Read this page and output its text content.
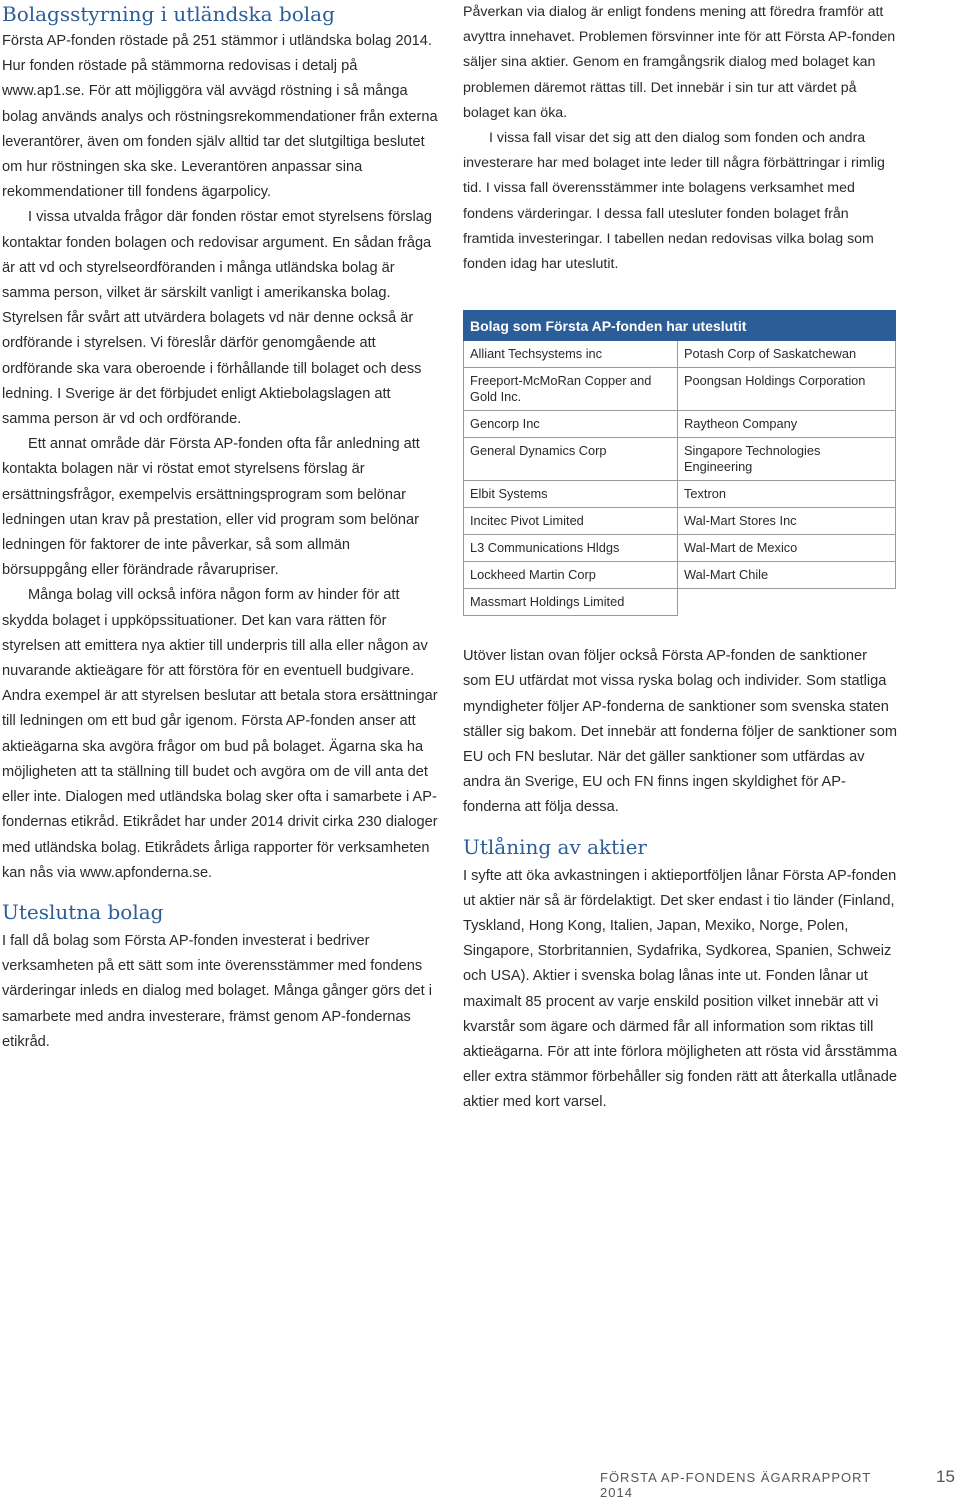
Bolagsstyrning i utländska bolag

Första AP-fonden röstade på 251 stämmor i utländska bolag 2014. Hur fonden röstade på stämmorna redovisas i detalj på www.ap1.se. För att möjliggöra väl avvägd röstning i så många bolag används analys och röstningsrekommendationer från externa leverantörer, även om fonden själv alltid tar det slutgiltiga beslutet om hur röstningen ska ske. Leverantören anpassar sina rekommendationer till fondens ägarpolicy.

I vissa utvalda frågor där fonden röstar emot styrelsens förslag kontaktar fonden bolagen och redovisar argument. En sådan fråga är att vd och styrelseordföranden i många utländska bolag är samma person, vilket är särskilt vanligt i amerikanska bolag. Styrelsen får svårt att utvärdera bolagets vd när denne också är ordförande i styrelsen. Vi föreslår därför genomgående att ordförande ska vara oberoende i förhållande till bolaget och dess ledning. I Sverige är det förbjudet enligt Aktiebolagslagen att samma person är vd och ordförande.

Ett annat område där Första AP-fonden ofta får anledning att kontakta bolagen när vi röstat emot styrelsens förslag är ersättningsfrågor, exempelvis ersättningsprogram som belönar ledningen utan krav på prestation, eller vid program som belönar ledningen för faktorer de inte påverkar, så som allmän börsuppgång eller förändrade råvarupriser.

Många bolag vill också införa någon form av hinder för att skydda bolaget i uppköpssituationer. Det kan vara rätten för styrelsen att emittera nya aktier till underpris till alla eller någon av nuvarande aktieägare för att förstöra för en eventuell budgivare. Andra exempel är att styrelsen beslutar att betala stora ersättningar till ledningen om ett bud går igenom. Första AP-fonden anser att aktieägarna ska avgöra frågor om bud på bolaget. Ägarna ska ha möjligheten att ta ställning till budet och avgöra om de vill anta det eller inte. Dialogen med utländska bolag sker ofta i samarbete i AP-fondernas etikråd. Etikrådet har under 2014 drivit cirka 230 dialoger med utländska bolag. Etikrådets årliga rapporter för verksamheten kan nås via www.apfonderna.se.

Uteslutna bolag

I fall då bolag som Första AP-fonden investerat i bedriver verksamheten på ett sätt som inte överensstämmer med fondens värderingar inleds en dialog med bolaget. Många gånger görs det i samarbete med andra investerare, främst genom AP-fondernas etikråd.

Påverkan via dialog är enligt fondens mening att föredra framför att avyttra innehavet. Problemen försvinner inte för att Första AP-fonden säljer sina aktier. Genom en framgångsrik dialog med bolaget kan problemen däremot rättas till. Det innebär i sin tur att värdet på bolaget kan öka.

I vissa fall visar det sig att den dialog som fonden och andra investerare har med bolaget inte leder till några förbättringar i rimlig tid. I vissa fall överensstämmer inte bolagens verksamhet med fondens värderingar. I dessa fall utesluter fonden bolaget från framtida investeringar. I tabellen nedan redovisas vilka bolag som fonden idag har uteslutit.

Bolag som Första AP-fonden har uteslutit	
Alliant Techsystems inc	Potash Corp of Saskatchewan
Freeport-McMoRan Copper and Gold Inc.	Poongsan Holdings Corporation
Gencorp Inc	Raytheon Company
General Dynamics Corp	Singapore Technologies Engineering
Elbit Systems	Textron
Incitec Pivot Limited	Wal-Mart Stores Inc
L3 Communications Hldgs	Wal-Mart de Mexico
Lockheed Martin Corp	Wal-Mart Chile
Massmart Holdings Limited	

Utöver listan ovan följer också Första AP-fonden de sanktioner som EU utfärdat mot vissa ryska bolag och individer. Som statliga myndigheter följer AP-fonderna de sanktioner som svenska staten ställer sig bakom. Det innebär att fonderna följer de sanktioner som EU och FN beslutar. När det gäller sanktioner som utfärdas av andra än Sverige, EU och FN finns ingen skyldighet för AP-fonderna att följa dessa.

Utlåning av aktier

I syfte att öka avkastningen i aktieportföljen lånar Första AP-fonden ut aktier när så är fördelaktigt. Det sker endast i tio länder (Finland, Tyskland, Hong Kong, Italien, Japan, Mexiko, Norge, Polen, Singapore, Storbritannien, Sydafrika, Sydkorea, Spanien, Schweiz och USA). Aktier i svenska bolag lånas inte ut. Fonden lånar ut maximalt 85 procent av varje enskild position vilket innebär att vi kvarstår som ägare och därmed får all information som riktas till aktieägarna. För att inte förlora möjligheten att rösta vid årsstämma eller extra stämmor förbehåller sig fonden rätt att återkalla utlånade aktier med kort varsel.

FÖRSTA AP-FONDENS ÄGARRAPPORT 2014
15
